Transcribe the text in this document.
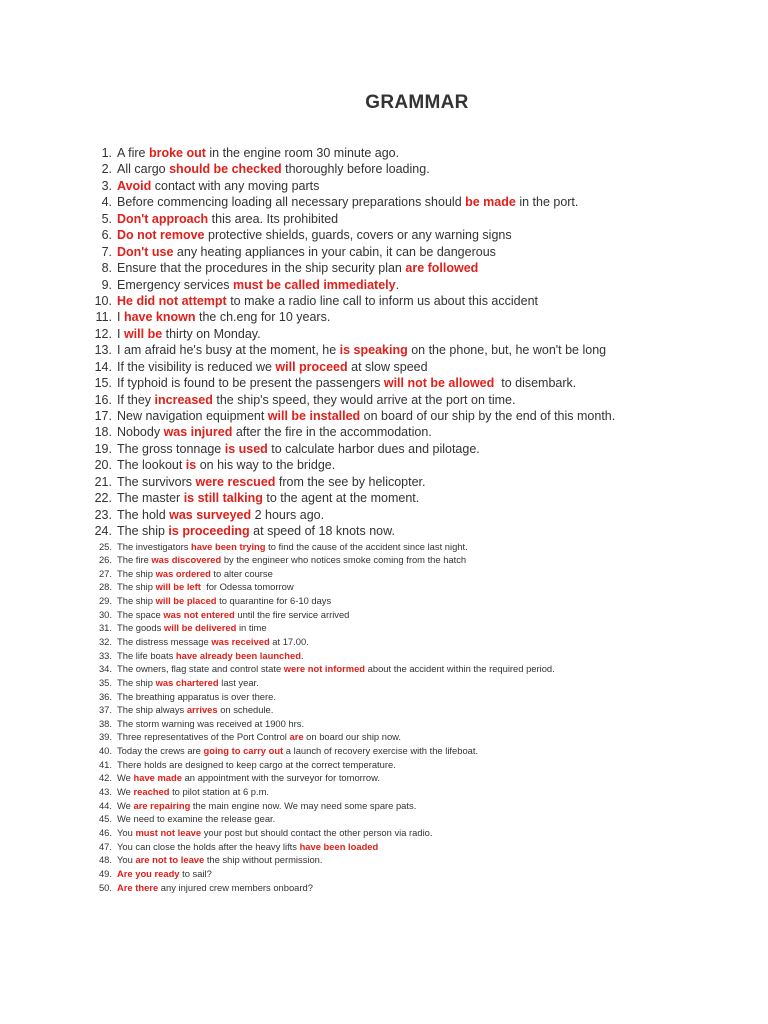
GRAMMAR
1. A fire broke out in the engine room 30 minute ago.
2. All cargo should be checked thoroughly before loading.
3. Avoid contact with any moving parts
4. Before commencing loading all necessary preparations should be made in the port.
5. Don't approach this area. Its prohibited
6. Do not remove protective shields, guards, covers or any warning signs
7. Don't use any heating appliances in your cabin, it can be dangerous
8. Ensure that the procedures in the ship security plan are followed
9. Emergency services must be called immediately.
10. He did not attempt to make a radio line call to inform us about this accident
11. I have known the ch.eng for 10 years.
12. I will be thirty on Monday.
13. I am afraid he's busy at the moment, he is speaking on the phone, but, he won't be long
14. If the visibility is reduced we will proceed at slow speed
15. If typhoid is found to be present the passengers will not be allowed  to disembark.
16. If they increased the ship's speed, they would arrive at the port on time.
17. New navigation equipment will be installed on board of our ship by the end of this month.
18. Nobody was injured after the fire in the accommodation.
19. The gross tonnage is used to calculate harbor dues and pilotage.
20. The lookout is on his way to the bridge.
21. The survivors were rescued from the see by helicopter.
22. The master is still talking to the agent at the moment.
23. The hold was surveyed 2 hours ago.
24. The ship is proceeding at speed of 18 knots now.
25. The investigators have been trying to find the cause of the accident since last night.
26. The fire was discovered by the engineer who notices smoke coming from the hatch
27. The ship was ordered to alter course
28. The ship will be left  for Odessa tomorrow
29. The ship will be placed to quarantine for 6-10 days
30. The space was not entered until the fire service arrived
31. The goods will be delivered in time
32. The distress message was received at 17.00.
33. The life boats have already been launched.
34. The owners, flag state and control state were not informed about the accident within the required period.
35. The ship was chartered last year.
36. The breathing apparatus is over there.
37. The ship always arrives on schedule.
38. The storm warning was received at 1900 hrs.
39. Three representatives of the Port Control are on board our ship now.
40. Today the crews are going to carry out a launch of recovery exercise with the lifeboat.
41. There holds are designed to keep cargo at the correct temperature.
42. We have made an appointment with the surveyor for tomorrow.
43. We reached to pilot station at 6 p.m.
44. We are repairing the main engine now. We may need some spare pats.
45. We need to examine the release gear.
46. You must not leave your post but should contact the other person via radio.
47. You can close the holds after the heavy lifts have been loaded
48. You are not to leave the ship without permission.
49. Are you ready to sail?
50. Are there any injured crew members onboard?
